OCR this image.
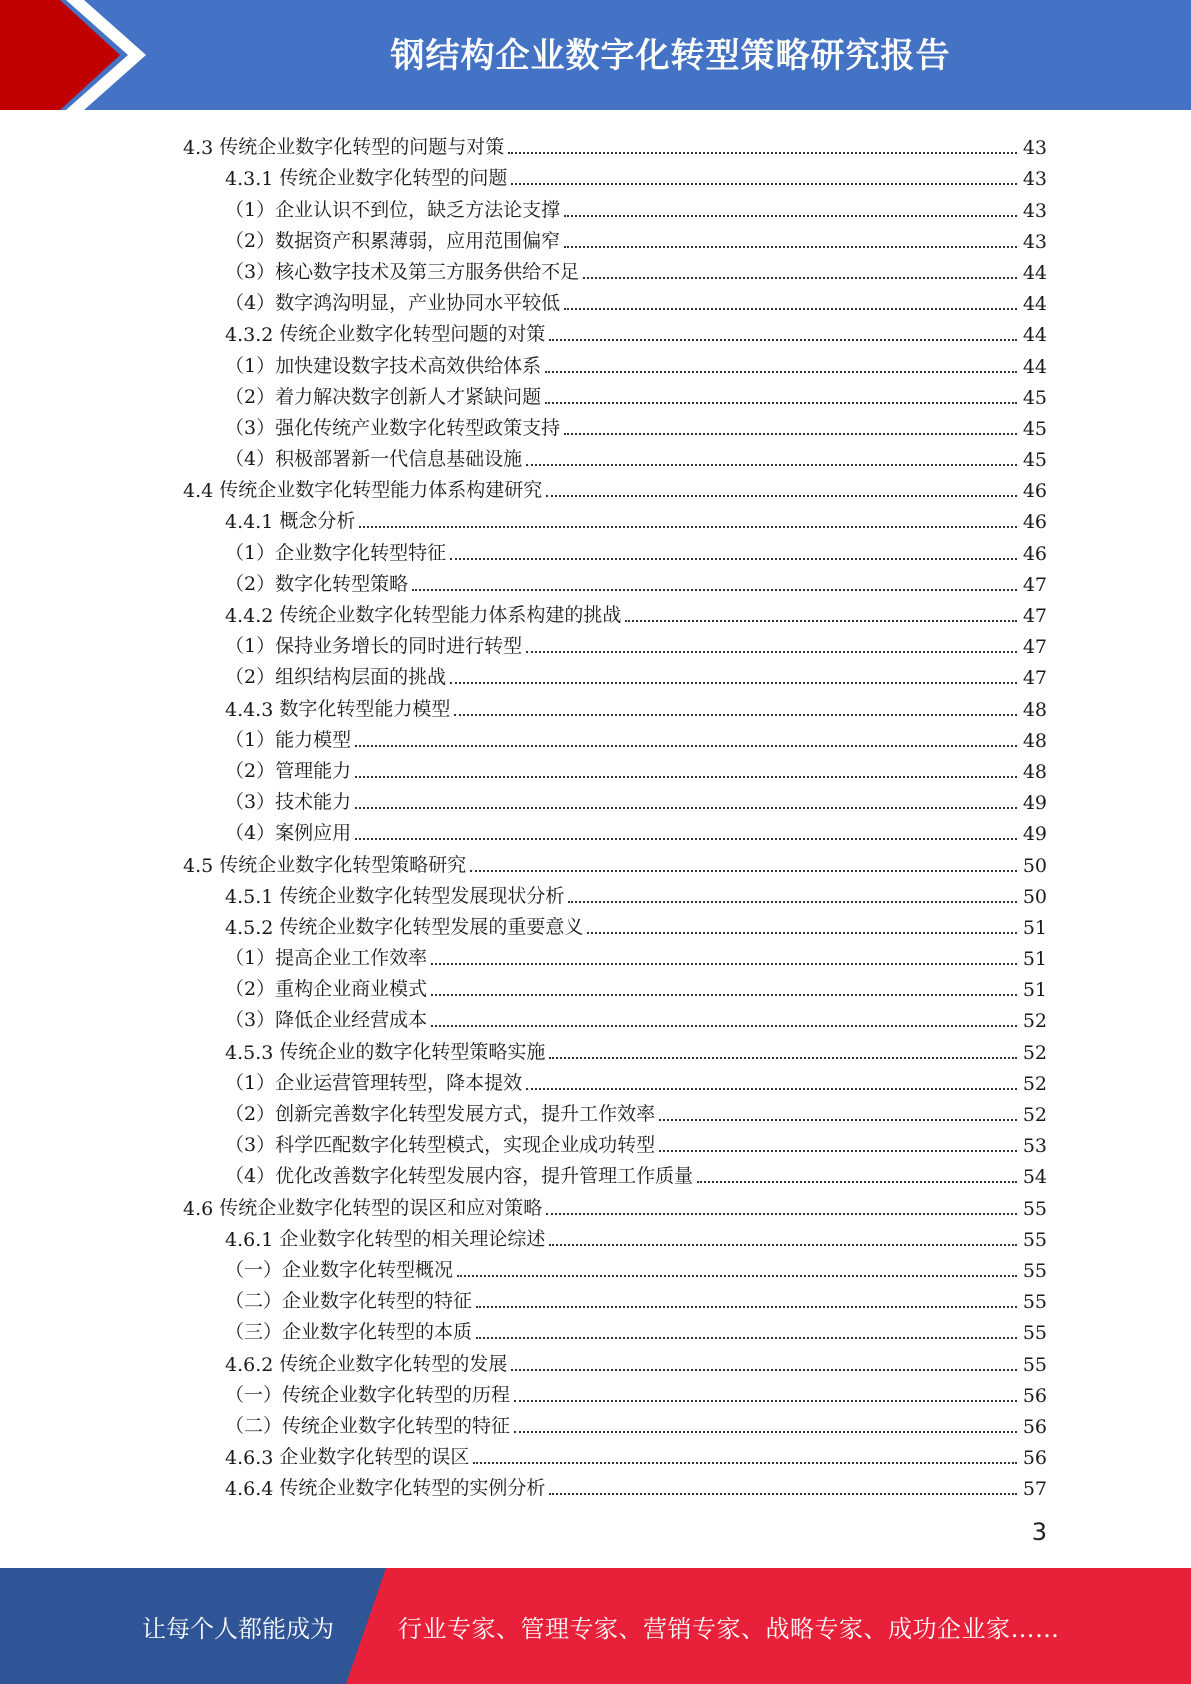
钢结构企业数字化转型策略研究报告
4.3 传统企业数字化转型的问题与对策	43
4.3.1 传统企业数字化转型的问题	43
（1）企业认识不到位，缺乏方法论支撑	43
（2）数据资产积累薄弱，应用范围偏窄	43
（3）核心数字技术及第三方服务供给不足	44
（4）数字鸿沟明显，产业协同水平较低	44
4.3.2 传统企业数字化转型问题的对策	44
（1）加快建设数字技术高效供给体系	44
（2）着力解决数字创新人才紧缺问题	45
（3）强化传统产业数字化转型政策支持	45
（4）积极部署新一代信息基础设施	45
4.4 传统企业数字化转型能力体系构建研究	46
4.4.1 概念分析	46
（1）企业数字化转型特征	46
（2）数字化转型策略	47
4.4.2 传统企业数字化转型能力体系构建的挑战	47
（1）保持业务增长的同时进行转型	47
（2）组织结构层面的挑战	47
4.4.3 数字化转型能力模型	48
（1）能力模型	48
（2）管理能力	48
（3）技术能力	49
（4）案例应用	49
4.5 传统企业数字化转型策略研究	50
4.5.1 传统企业数字化转型发展现状分析	50
4.5.2 传统企业数字化转型发展的重要意义	51
（1）提高企业工作效率	51
（2）重构企业商业模式	51
（3）降低企业经营成本	52
4.5.3 传统企业的数字化转型策略实施	52
（1）企业运营管理转型，降本提效	52
（2）创新完善数字化转型发展方式，提升工作效率	52
（3）科学匹配数字化转型模式，实现企业成功转型	53
（4）优化改善数字化转型发展内容，提升管理工作质量	54
4.6 传统企业数字化转型的误区和应对策略	55
4.6.1 企业数字化转型的相关理论综述	55
（一）企业数字化转型概况	55
（二）企业数字化转型的特征	55
（三）企业数字化转型的本质	55
4.6.2 传统企业数字化转型的发展	55
（一）传统企业数字化转型的历程	56
（二）传统企业数字化转型的特征	56
4.6.3 企业数字化转型的误区	56
4.6.4 传统企业数字化转型的实例分析	57
3
让每个人都能成为	行业专家、管理专家、营销专家、战略专家、成功企业家……
